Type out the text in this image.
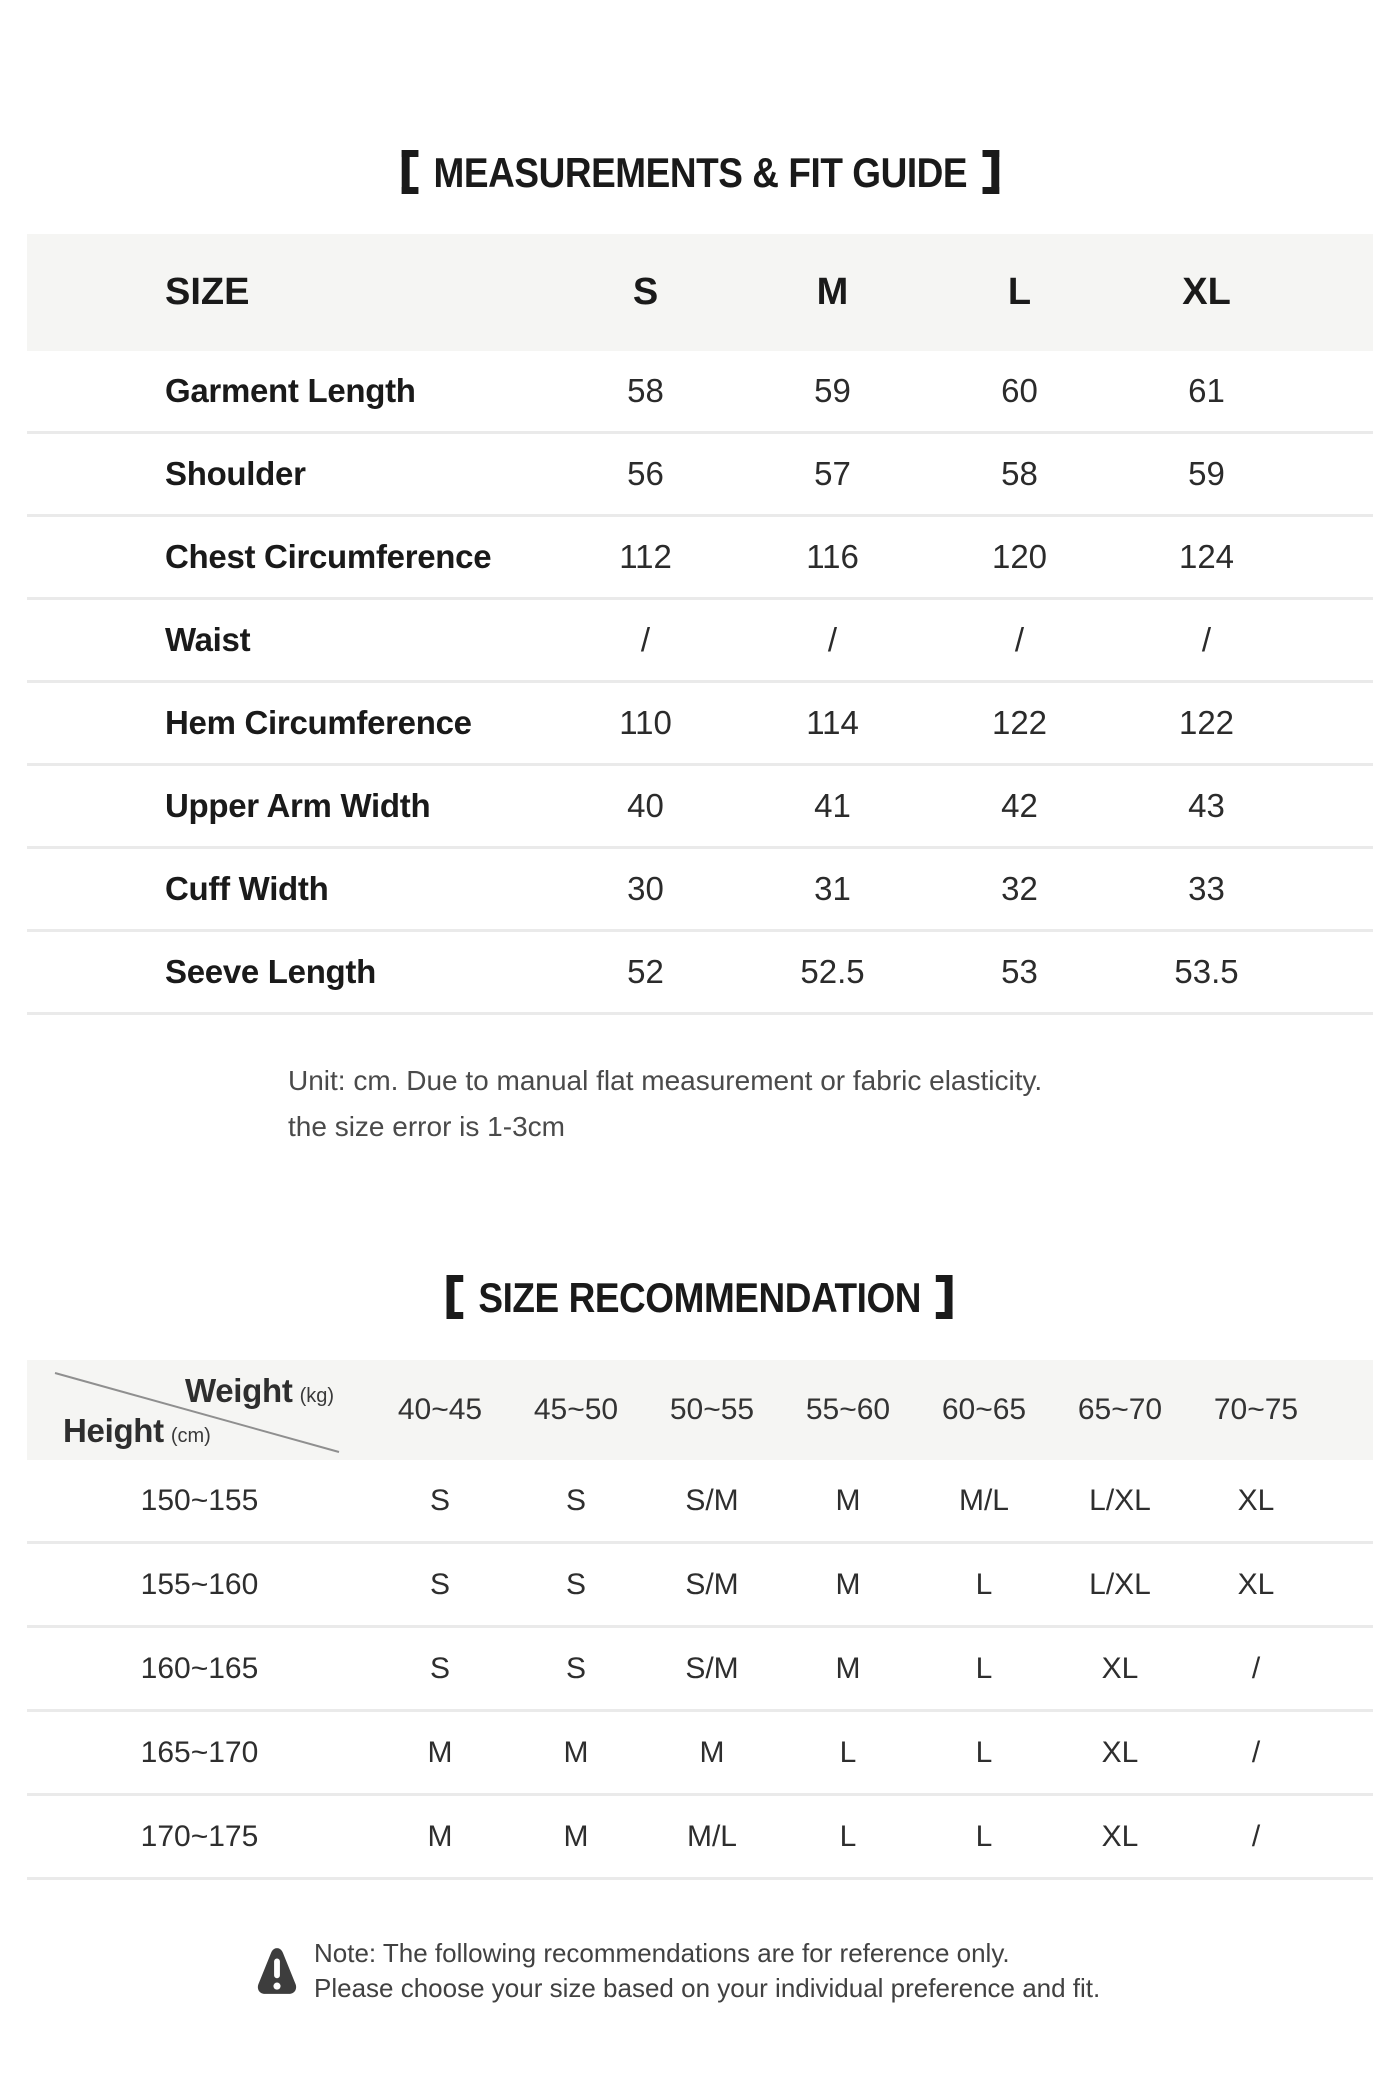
MEASUREMENTS & FIT GUIDE
SIZE	S	M	L	XL
Garment Length	58	59	60	61
Shoulder	56	57	58	59
Chest Circumference	112	116	120	124
Waist	/	/	/	/
Hem Circumference	110	114	122	122
Upper Arm Width	40	41	42	43
Cuff Width	30	31	32	33
Seeve Length	52	52.5	53	53.5
Unit: cm. Due to manual flat measurement or fabric elasticity.
the size error is 1-3cm
SIZE RECOMMENDATION
Weight (kg)
Height (cm)
40~45	45~50	50~55	55~60	60~65	65~70	70~75
150~155	S	S	S/M	M	M/L	L/XL	XL
155~160	S	S	S/M	M	L	L/XL	XL
160~165	S	S	S/M	M	L	XL	/
165~170	M	M	M	L	L	XL	/
170~175	M	M	M/L	L	L	XL	/
Note: The following recommendations are for reference only.
Please choose your size based on your individual preference and fit.
